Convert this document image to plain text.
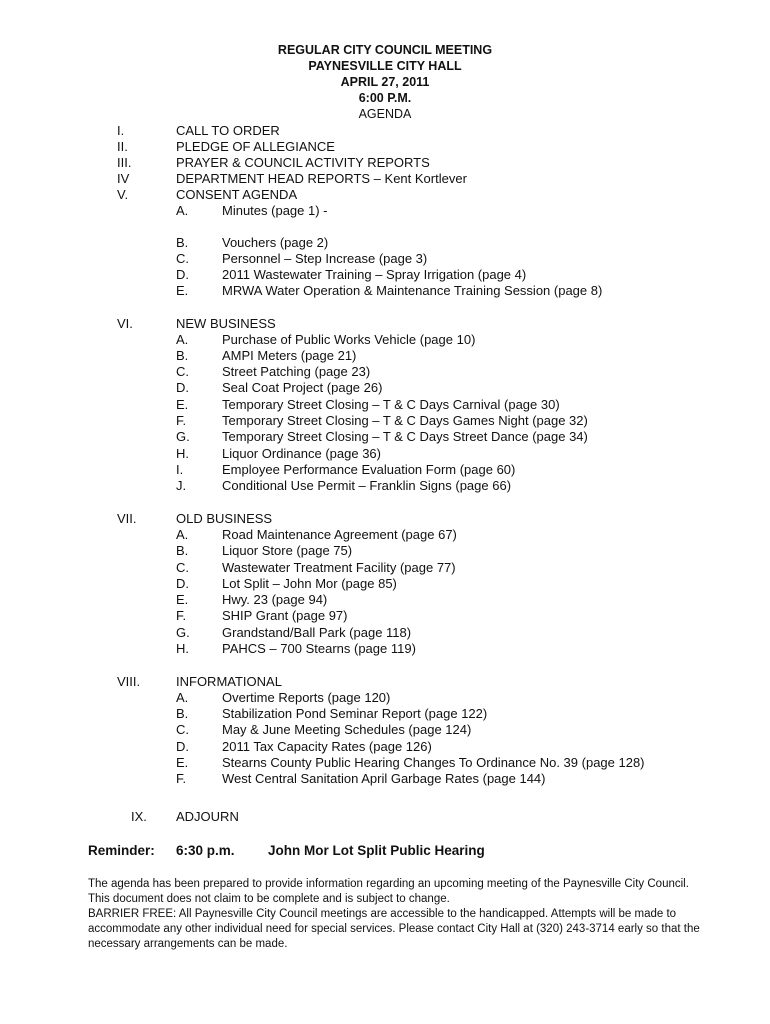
REGULAR CITY COUNCIL MEETING
PAYNESVILLE CITY HALL
APRIL 27, 2011
6:00 P.M.
AGENDA
I.	CALL TO ORDER
II.	PLEDGE OF ALLEGIANCE
III.	PRAYER & COUNCIL ACTIVITY REPORTS
IV	DEPARTMENT HEAD REPORTS – Kent Kortlever
V.	CONSENT AGENDA
A.	Minutes (page 1) -
B.	Vouchers (page 2)
C.	Personnel – Step Increase (page 3)
D.	2011 Wastewater Training – Spray Irrigation (page 4)
E.	MRWA Water Operation & Maintenance Training Session (page 8)
VI.	NEW BUSINESS
A.	Purchase of Public Works Vehicle (page 10)
B.	AMPI Meters (page 21)
C.	Street Patching (page 23)
D.	Seal Coat Project (page 26)
E.	Temporary Street Closing – T & C Days Carnival (page 30)
F.	Temporary Street Closing – T & C Days Games Night (page 32)
G. Temporary Street Closing – T & C Days Street Dance (page 34)
H.	Liquor Ordinance (page 36)
I.	Employee Performance Evaluation Form (page 60)
J.	Conditional Use Permit – Franklin Signs (page 66)
VII.	OLD BUSINESS
A.	Road Maintenance Agreement (page 67)
B.	Liquor Store (page 75)
C.	Wastewater Treatment Facility (page 77)
D.	Lot Split – John Mor (page 85)
E.	Hwy. 23 (page 94)
F.	SHIP Grant (page 97)
G. Grandstand/Ball Park (page 118)
H.	PAHCS – 700 Stearns (page 119)
VIII.	INFORMATIONAL
A.	Overtime Reports (page 120)
B.	Stabilization Pond Seminar Report (page 122)
C.	May & June Meeting Schedules (page 124)
D.	2011 Tax Capacity Rates (page 126)
E.	Stearns County Public Hearing Changes To Ordinance No. 39 (page 128)
F.	West Central Sanitation April Garbage Rates (page 144)
IX. ADJOURN
Reminder: 6:30 p.m. John Mor Lot Split Public Hearing
The agenda has been prepared to provide information regarding an upcoming meeting of the Paynesville City Council. This document does not claim to be complete and is subject to change.
BARRIER FREE: All Paynesville City Council meetings are accessible to the handicapped. Attempts will be made to accommodate any other individual need for special services. Please contact City Hall at (320) 243-3714 early so that the necessary arrangements can be made.
